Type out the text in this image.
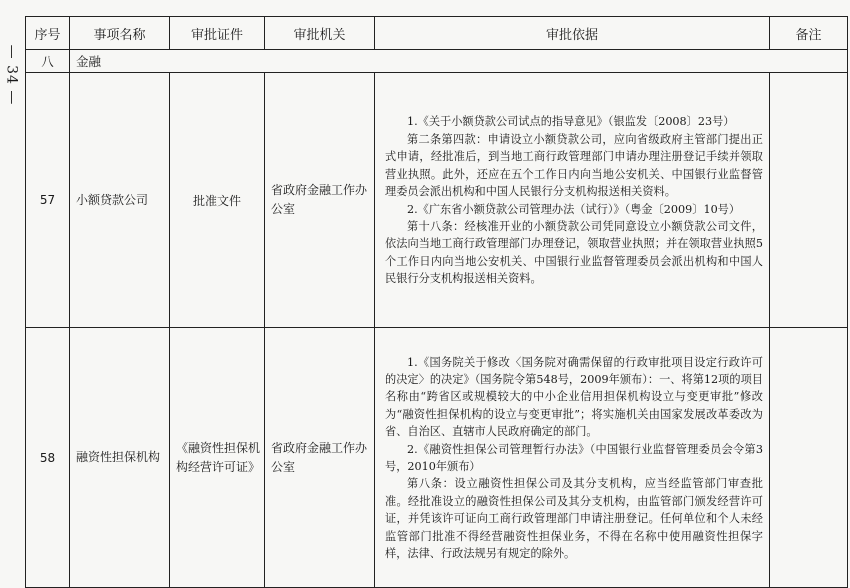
— 34 —
序号	事项名称	审批证件	审批机关	审批依据	备注
八	金融				
57	小额贷款公司	批准文件	省政府金融工作办公室	1.《关于小额贷款公司试点的指导意见》（银监发〔2008〕23号）

第二条第四款：申请设立小额贷款公司，应向省级政府主管部门提出正式申请，经批准后，到当地工商行政管理部门申请办理注册登记手续并领取营业执照。此外，还应在五个工作日内向当地公安机关、中国银行业监督管理委员会派出机构和中国人民银行分支机构报送相关资料。

2.《广东省小额贷款公司管理办法（试行）》（粤金〔2009〕10号）

第十八条：经核准开业的小额贷款公司凭同意设立小额贷款公司文件，依法向当地工商行政管理部门办理登记，领取营业执照；并在领取营业执照5个工作日内向当地公安机关、中国银行业监督管理委员会派出机构和中国人民银行分支机构报送相关资料。	

58	融资性担保机构	《融资性担保机构经营许可证》	省政府金融工作办公室	1.《国务院关于修改〈国务院对确需保留的行政审批项目设定行政许可的决定〉的决定》（国务院令第548号，2009年颁布）：一、将第12项的项目名称由“跨省区或规模较大的中小企业信用担保机构设立与变更审批”修改为“融资性担保机构的设立与变更审批”；将实施机关由国家发展改革委改为省、自治区、直辖市人民政府确定的部门。

2.《融资性担保公司管理暂行办法》（中国银行业监督管理委员会令第3号，2010年颁布）

第八条：设立融资性担保公司及其分支机构，应当经监管部门审查批准。经批准设立的融资性担保公司及其分支机构，由监管部门颁发经营许可证，并凭该许可证向工商行政管理部门申请注册登记。任何单位和个人未经监管部门批准不得经营融资性担保业务，不得在名称中使用融资性担保字样，法律、行政法规另有规定的除外。	
